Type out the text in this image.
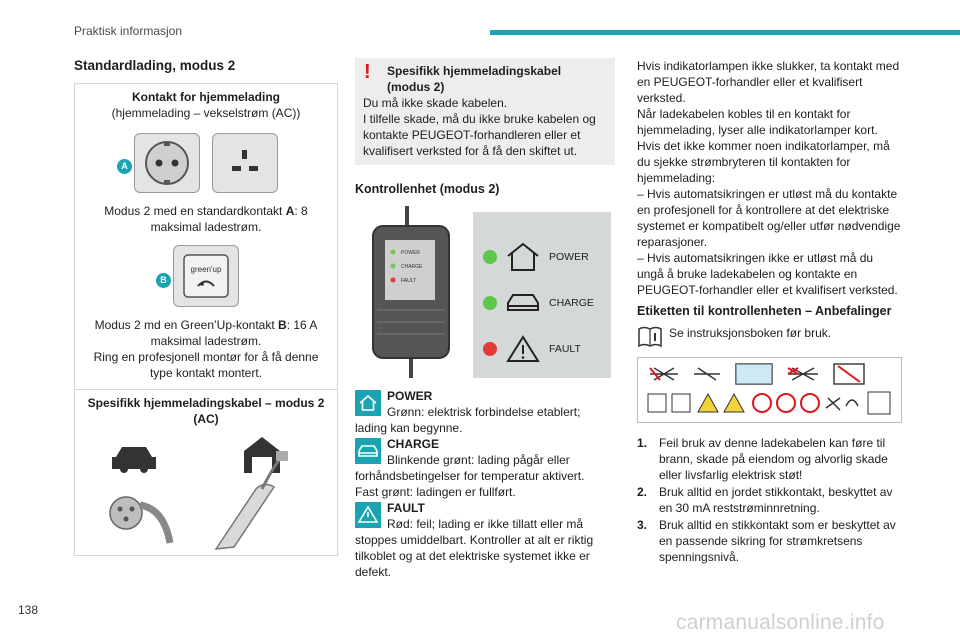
Praktisk informasjon
Standardlading, modus 2
Kontakt for hjemmelading
(hjemmelading – vekselstrøm (AC))
A
Modus 2 med en standardkontakt A: 8 maksimal ladestrøm.
B
green'up
Modus 2 md en Green’Up-kontakt B: 16 A maksimal ladestrøm.
Ring en profesjonell montør for å få denne type kontakt montert.
Spesifikk hjemmeladingskabel – modus 2 (AC)
!	Spesifikk hjemmeladingskabel (modus 2)
Du må ikke skade kabelen.
I tilfelle skade, må du ikke bruke kabelen og kontakte PEUGEOT-forhandleren eller et kvalifisert verksted for å få den skiftet ut.
Kontrollenhet (modus 2)
POWER
CHARGE
FAULT
POWER
CHARGE
FAULT
POWER
Grønn: elektrisk forbindelse etablert; lading kan begynne.
CHARGE
Blinkende grønt: lading pågår eller forhåndsbetingelser for temperatur aktivert.
Fast grønt: ladingen er fullført.
FAULT
Rød: feil; lading er ikke tillatt eller må stoppes umiddelbart. Kontroller at alt er riktig tilkoblet og at det elektriske systemet ikke er defekt.
Hvis indikatorlampen ikke slukker, ta kontakt med en PEUGEOT-forhandler eller et kvalifisert verksted.
Når ladekabelen kobles til en kontakt for hjemmelading, lyser alle indikatorlamper kort. Hvis det ikke kommer noen indikatorlamper, må du sjekke strømbryteren til kontakten for hjemmelading:
– Hvis automatsikringen er utløst må du kontakte en profesjonell for å kontrollere at det elektriske systemet er kompatibelt og/eller utfør nødvendige reparasjoner.
– Hvis automatsikringen ikke er utløst må du ungå å bruke ladekabelen og kontakte en PEUGEOT-forhandler eller et kvalifisert verksted.
Etiketten til kontrollenheten – Anbefalinger
Se instruksjonsboken før bruk.
1. Feil bruk av denne ladekabelen kan føre til brann, skade på eiendom og alvorlig skade eller livsfarlig elektrisk støt!
2. Bruk alltid en jordet stikkontakt, beskyttet av en 30 mA reststrøminnretning.
3. Bruk alltid en stikkontakt som er beskyttet av en passende sikring for strømkretsens spenningsnivå.
138
carmanualsonline.info
